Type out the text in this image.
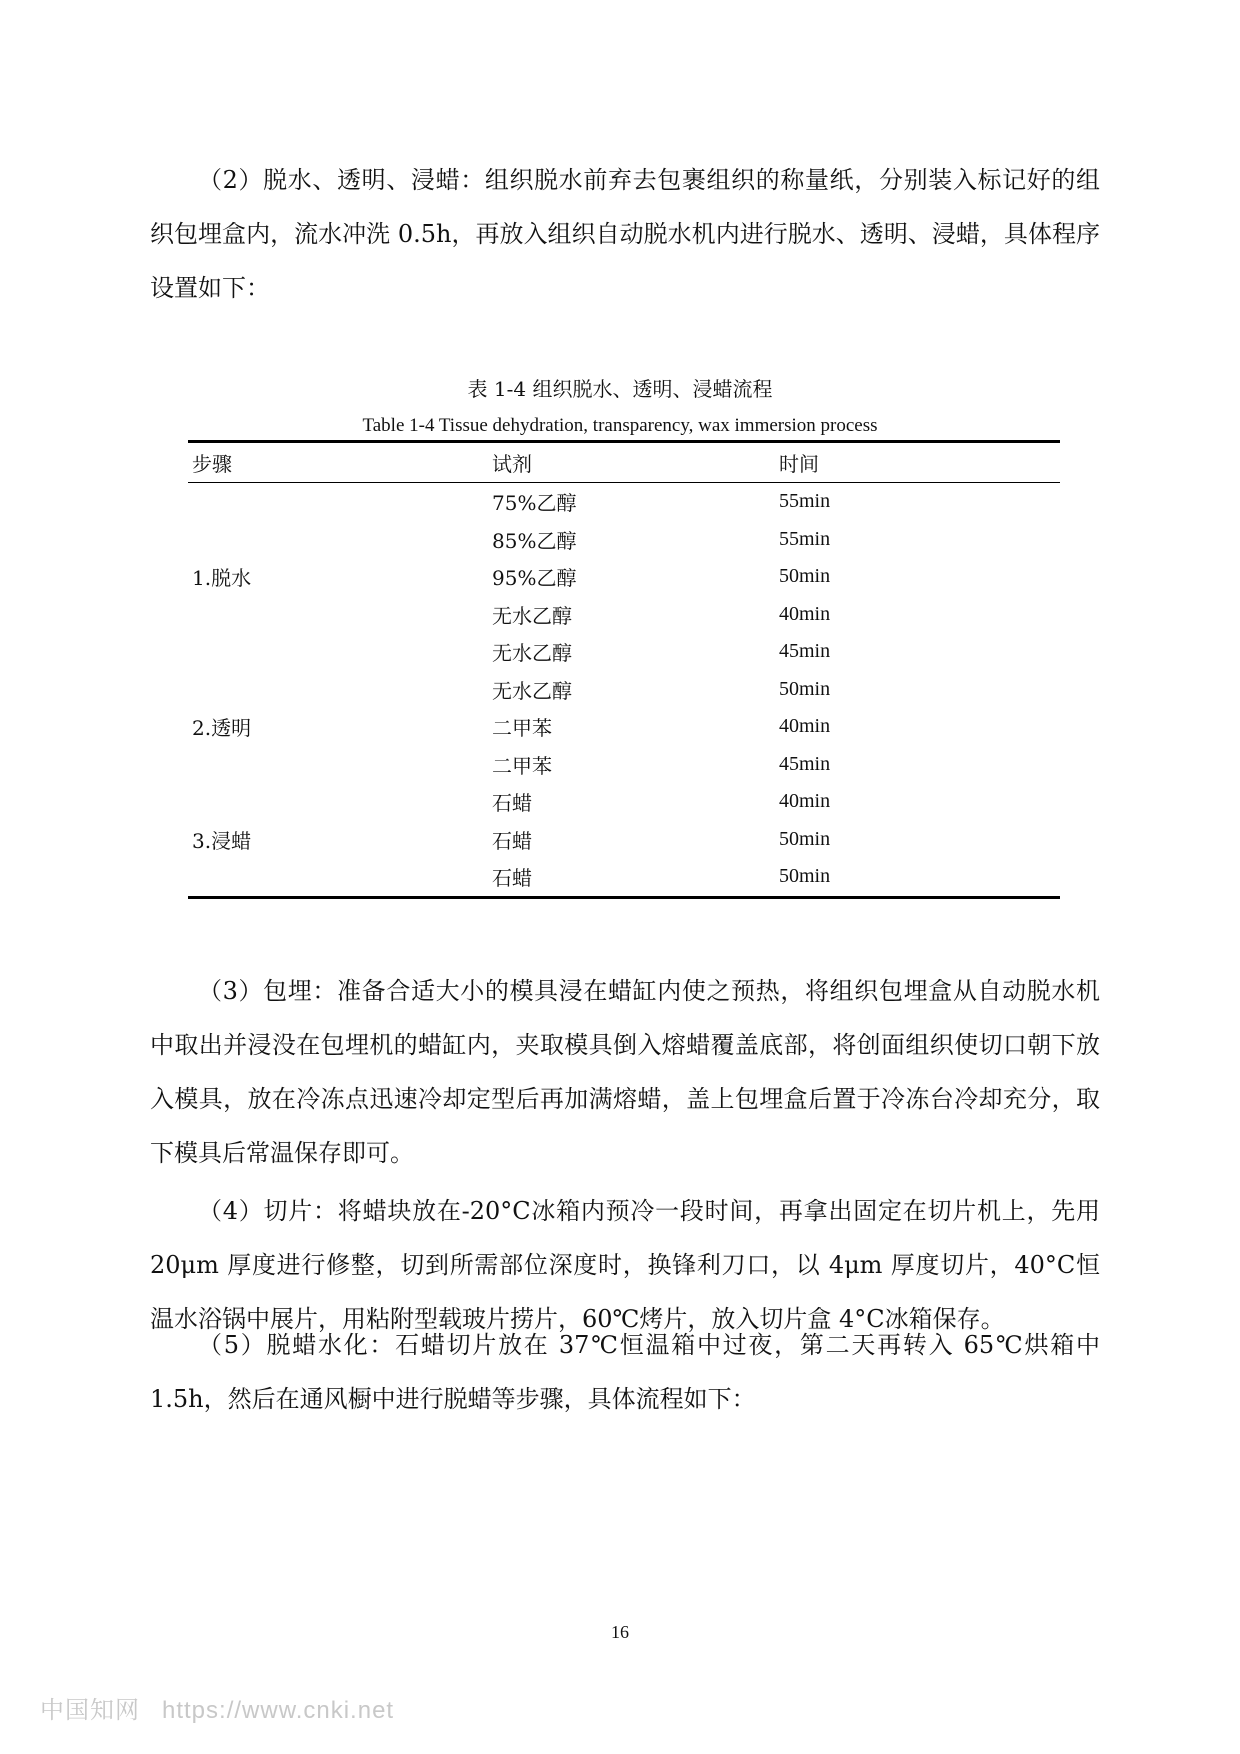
（2）脱水、透明、浸蜡：组织脱水前弃去包裹组织的称量纸，分别装入标记好的组织包埋盒内，流水冲洗 0.5h，再放入组织自动脱水机内进行脱水、透明、浸蜡，具体程序设置如下：
表 1-4 组织脱水、透明、浸蜡流程
Table 1-4 Tissue dehydration, transparency, wax immersion process
步骤	试剂	时间
	75%乙醇	55min
	85%乙醇	55min
1.脱水	95%乙醇	50min
	无水乙醇	40min
	无水乙醇	45min
	无水乙醇	50min
2.透明	二甲苯	40min
	二甲苯	45min
	石蜡	40min
3.浸蜡	石蜡	50min
	石蜡	50min
（3）包埋：准备合适大小的模具浸在蜡缸内使之预热，将组织包埋盒从自动脱水机中取出并浸没在包埋机的蜡缸内，夹取模具倒入熔蜡覆盖底部，将创面组织使切口朝下放入模具，放在冷冻点迅速冷却定型后再加满熔蜡，盖上包埋盒后置于冷冻台冷却充分，取下模具后常温保存即可。
（4）切片：将蜡块放在-20°C冰箱内预冷一段时间，再拿出固定在切片机上，先用 20μm 厚度进行修整，切到所需部位深度时，换锋利刀口，以 4μm 厚度切片，40°C恒温水浴锅中展片，用粘附型载玻片捞片，60℃烤片，放入切片盒 4°C冰箱保存。
（5）脱蜡水化：石蜡切片放在 37℃恒温箱中过夜，第二天再转入 65℃烘箱中 1.5h，然后在通风橱中进行脱蜡等步骤，具体流程如下：
16
中国知网 https://www.cnki.net
